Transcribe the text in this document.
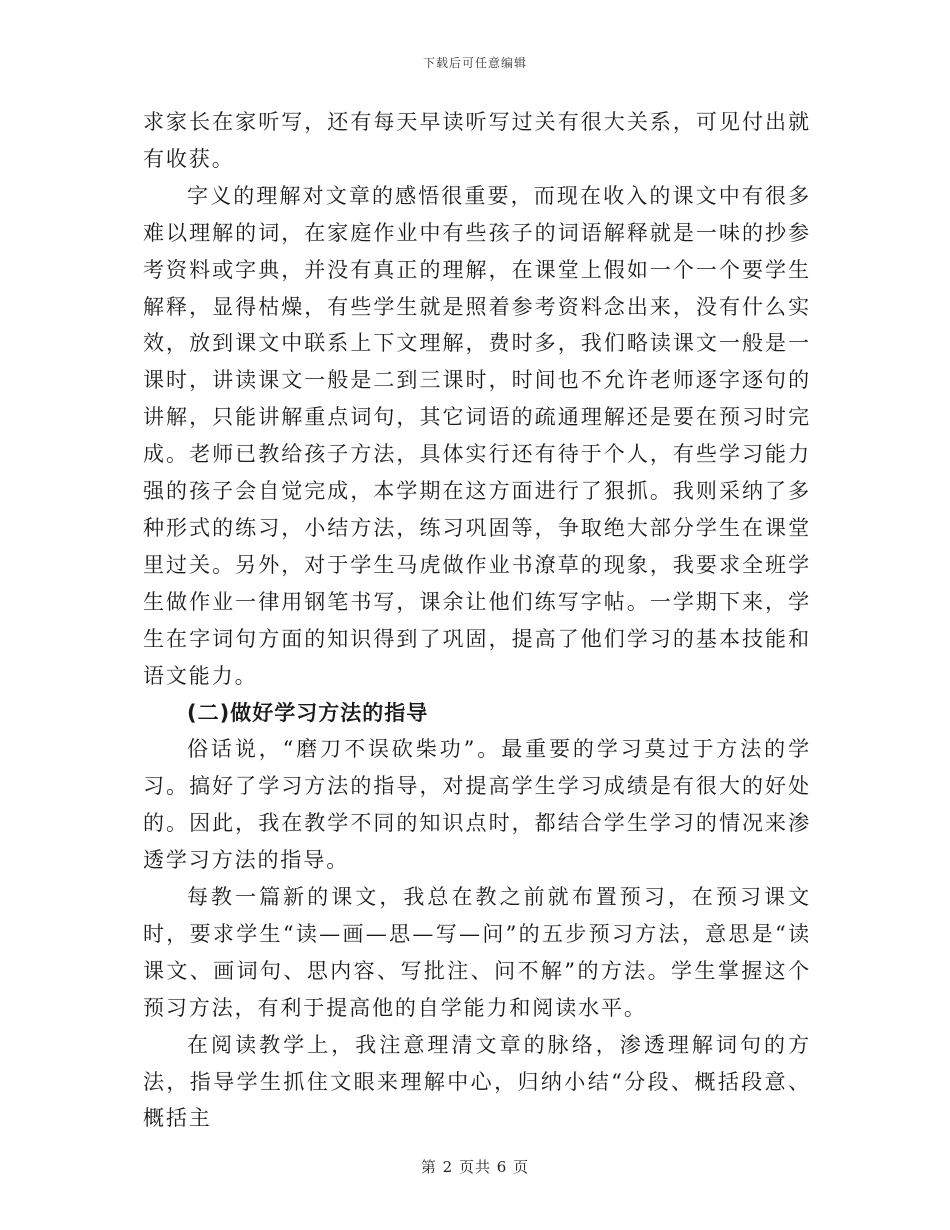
下载后可任意编辑

求家长在家听写，还有每天早读听写过关有很大关系，可见付出就有收获。

字义的理解对文章的感悟很重要，而现在收入的课文中有很多难以理解的词，在家庭作业中有些孩子的词语解释就是一味的抄参考资料或字典，并没有真正的理解，在课堂上假如一个一个要学生解释，显得枯燥，有些学生就是照着参考资料念出来，没有什么实效，放到课文中联系上下文理解，费时多，我们略读课文一般是一课时，讲读课文一般是二到三课时，时间也不允许老师逐字逐句的讲解，只能讲解重点词句，其它词语的疏通理解还是要在预习时完成。老师已教给孩子方法，具体实行还有待于个人，有些学习能力强的孩子会自觉完成，本学期在这方面进行了狠抓。我则采纳了多种形式的练习，小结方法，练习巩固等，争取绝大部分学生在课堂里过关。另外，对于学生马虎做作业书潦草的现象，我要求全班学生做作业一律用钢笔书写，课余让他们练写字帖。一学期下来，学生在字词句方面的知识得到了巩固，提高了他们学习的基本技能和语文能力。

(二)做好学习方法的指导

俗话说，“磨刀不误砍柴功”。最重要的学习莫过于方法的学习。搞好了学习方法的指导，对提高学生学习成绩是有很大的好处的。因此，我在教学不同的知识点时，都结合学生学习的情况来渗透学习方法的指导。

每教一篇新的课文，我总在教之前就布置预习，在预习课文时，要求学生“读—画—思—写—问”的五步预习方法，意思是“读课文、画词句、思内容、写批注、问不解”的方法。学生掌握这个预习方法，有利于提高他的自学能力和阅读水平。

在阅读教学上，我注意理清文章的脉络，渗透理解词句的方法，指导学生抓住文眼来理解中心，归纳小结“分段、概括段意、概括主

第 2 页共 6 页
